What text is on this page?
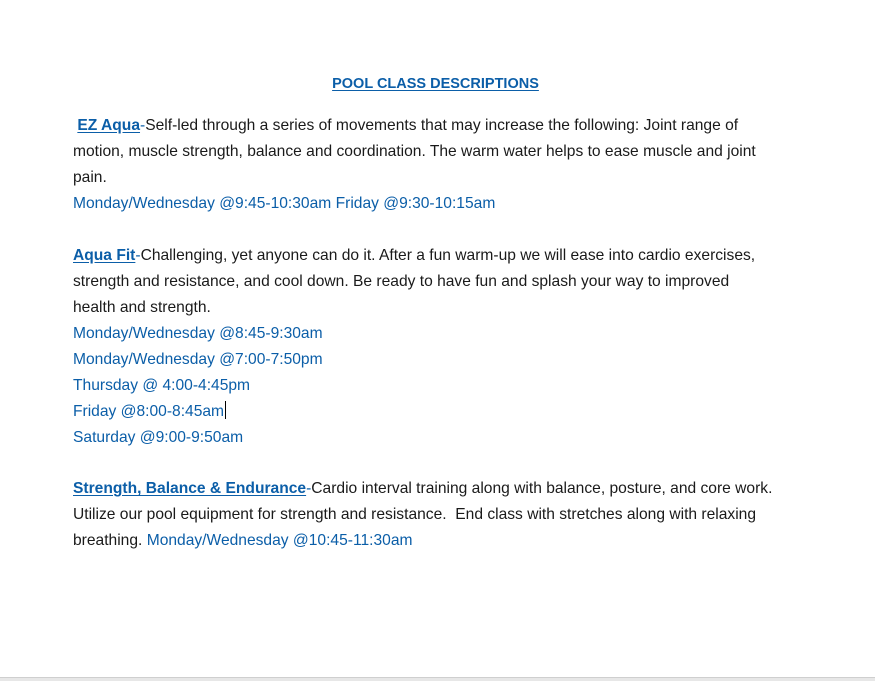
POOL CLASS DESCRIPTIONS
EZ Aqua-Self-led through a series of movements that may increase the following: Joint range of
motion, muscle strength, balance and coordination. The warm water helps to ease muscle and joint
pain.
Monday/Wednesday @9:45-10:30am Friday @9:30-10:15am
Aqua Fit-Challenging, yet anyone can do it. After a fun warm-up we will ease into cardio exercises,
strength and resistance, and cool down. Be ready to have fun and splash your way to improved
health and strength.
Monday/Wednesday @8:45-9:30am
Monday/Wednesday @7:00-7:50pm
Thursday @ 4:00-4:45pm
Friday @8:00-8:45am
Saturday @9:00-9:50am
Strength, Balance & Endurance-Cardio interval training along with balance, posture, and core work.
Utilize our pool equipment for strength and resistance.  End class with stretches along with relaxing
breathing. Monday/Wednesday @10:45-11:30am
